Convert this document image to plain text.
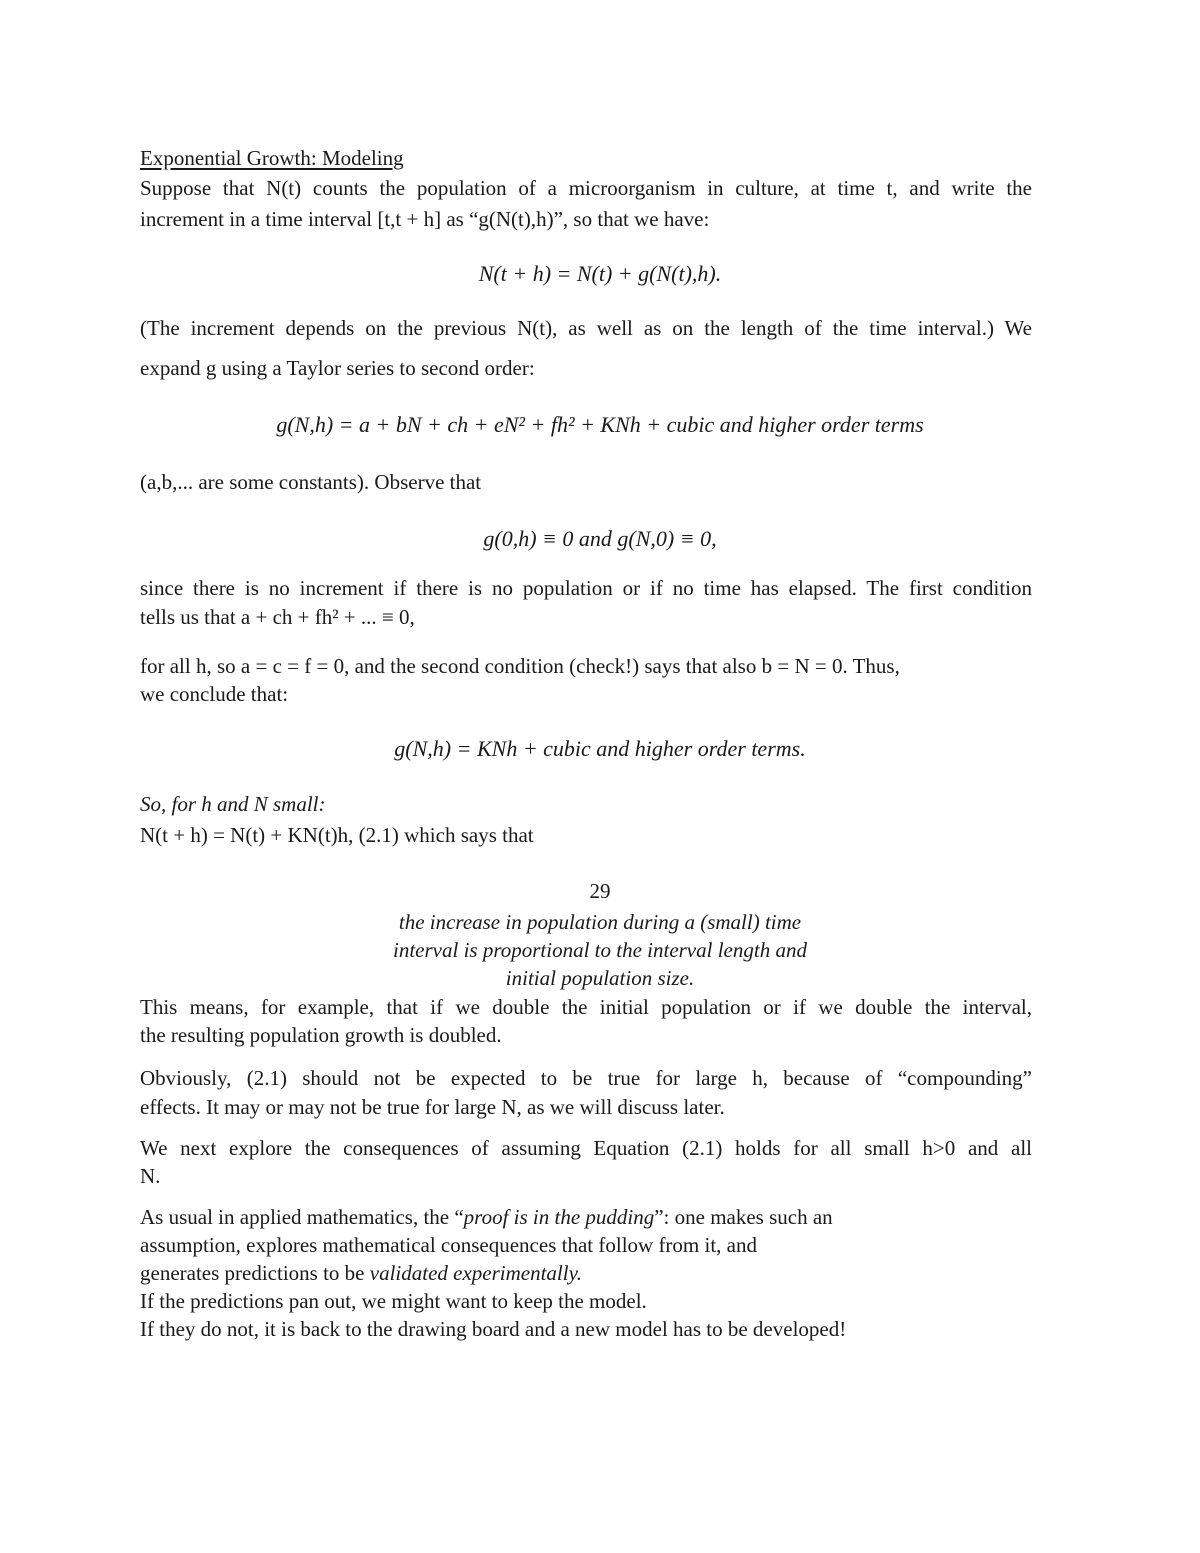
Exponential Growth: Modeling

Suppose that N(t) counts the population of a microorganism in culture, at time t, and write the

increment in a time interval [t,t + h] as “g(N(t),h)”, so that we have:

N(t + h) = N(t) + g(N(t),h).

(The increment depends on the previous N(t), as well as on the length of the time interval.) We

expand g using a Taylor series to second order:

g(N,h) = a + bN + ch + eN² + fh² + KNh + cubic and higher order terms

(a,b,... are some constants). Observe that

g(0,h) ≡ 0 and g(N,0) ≡ 0,

since there is no increment if there is no population or if no time has elapsed. The first condition

tells us that a + ch + fh² + ... ≡ 0,

for all h, so a = c = f = 0, and the second condition (check!) says that also b = N = 0. Thus,

we conclude that:

g(N,h) = KNh + cubic and higher order terms.

So, for h and N small:

N(t + h) = N(t) + KN(t)h, (2.1) which says that

29

the increase in population during a (small) time

interval is proportional to the interval length and

initial population size.

This means, for example, that if we double the initial population or if we double the interval,

the resulting population growth is doubled.

Obviously, (2.1) should not be expected to be true for large h, because of “compounding”

effects. It may or may not be true for large N, as we will discuss later.

We next explore the consequences of assuming Equation (2.1) holds for all small h>0 and all

N.

As usual in applied mathematics, the “proof is in the pudding”: one makes such an

assumption, explores mathematical consequences that follow from it, and

generates predictions to be validated experimentally.

If the predictions pan out, we might want to keep the model.

If they do not, it is back to the drawing board and a new model has to be developed!
